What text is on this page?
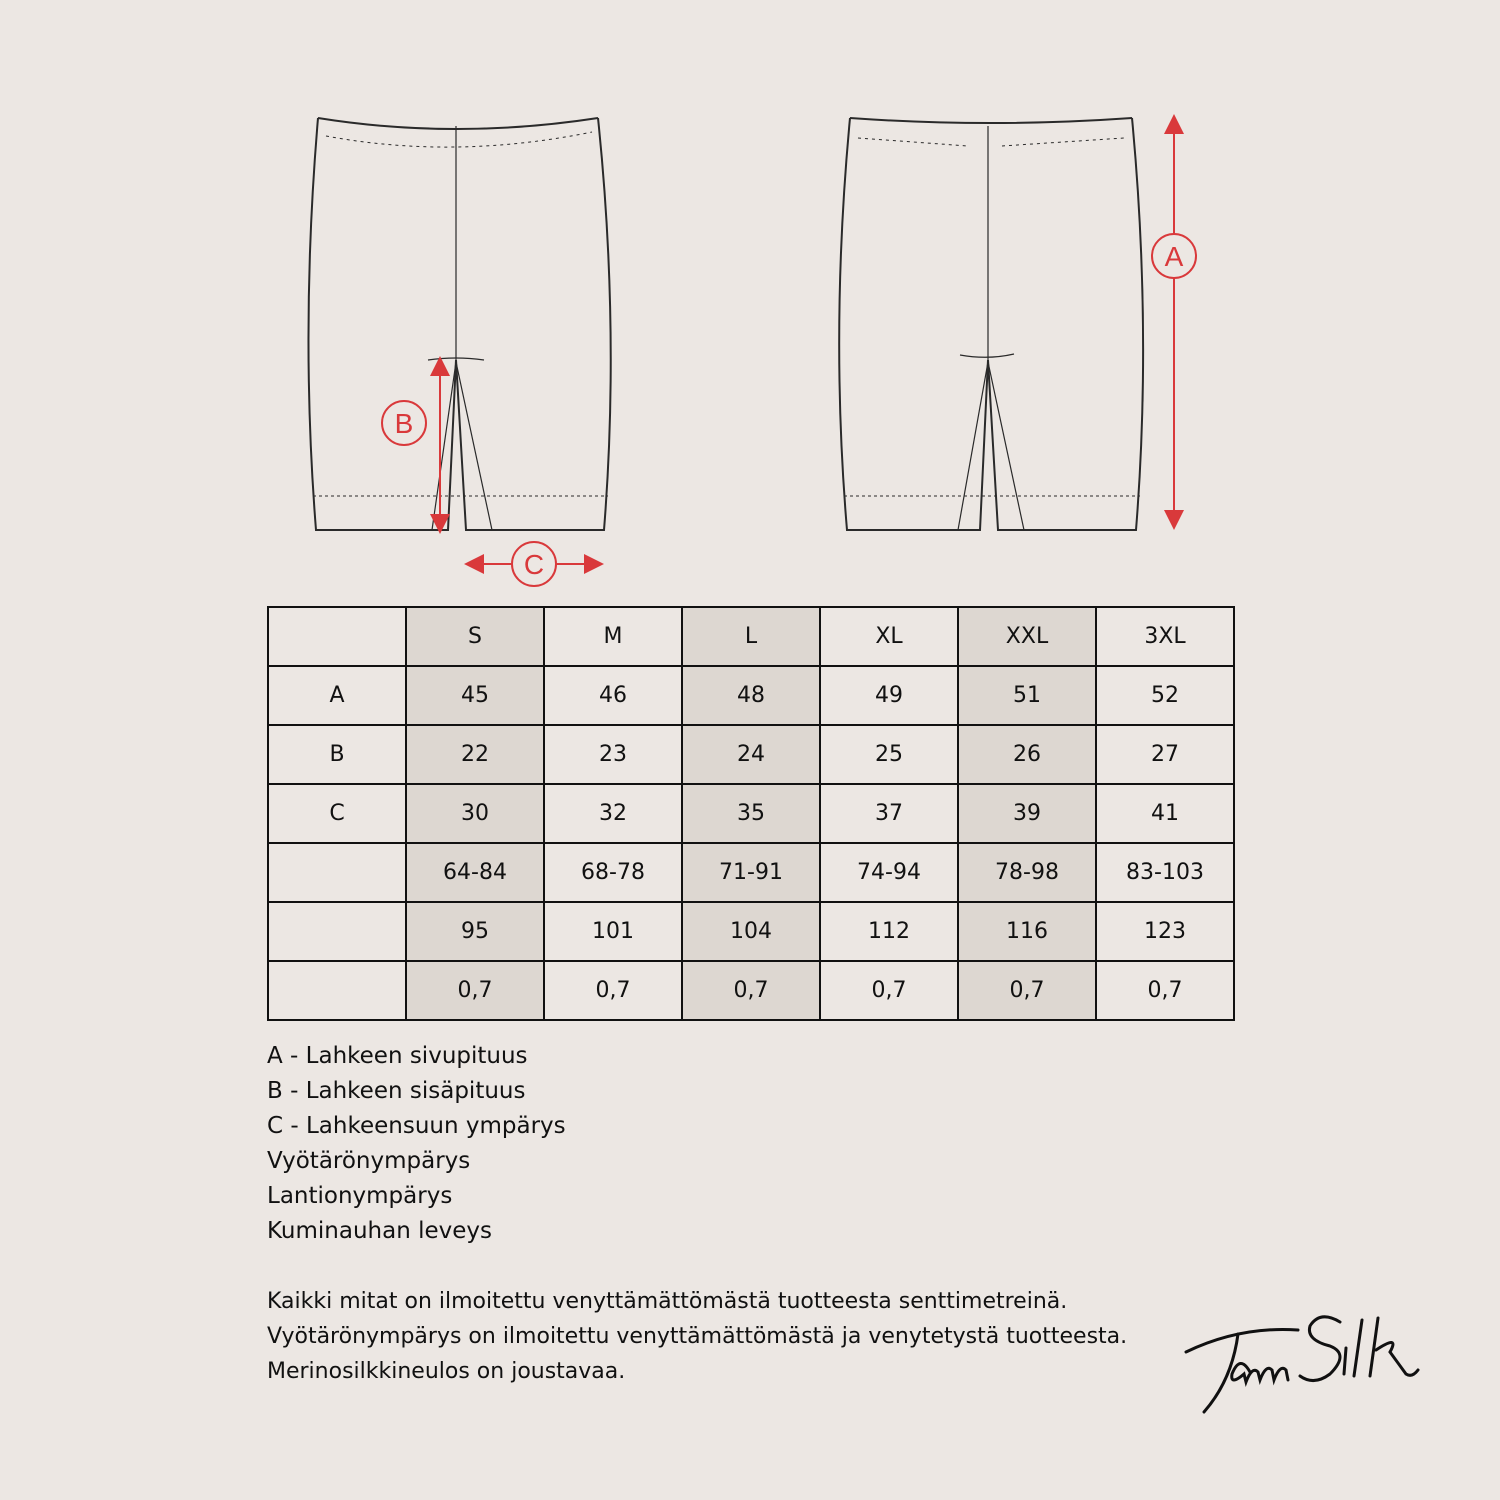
A
B
C
	S	M	L	XL	XXL	3XL
A	45	46	48	49	51	52
B	22	23	24	25	26	27
C	30	32	35	37	39	41
	64-84	68-78	71-91	74-94	78-98	83-103
	95	101	104	112	116	123
	0,7	0,7	0,7	0,7	0,7	0,7
A - Lahkeen sivupituus
B - Lahkeen sisäpituus
C - Lahkeensuun ympärys
Vyötärönympärys
Lantionympärys
Kuminauhan leveys

Kaikki mitat on ilmoitettu venyttämättömästä tuotteesta senttimetreinä.

Vyötärönympärys on ilmoitettu venyttämättömästä ja venytetystä tuotteesta. Merinosilkkineulos on joustavaa.
